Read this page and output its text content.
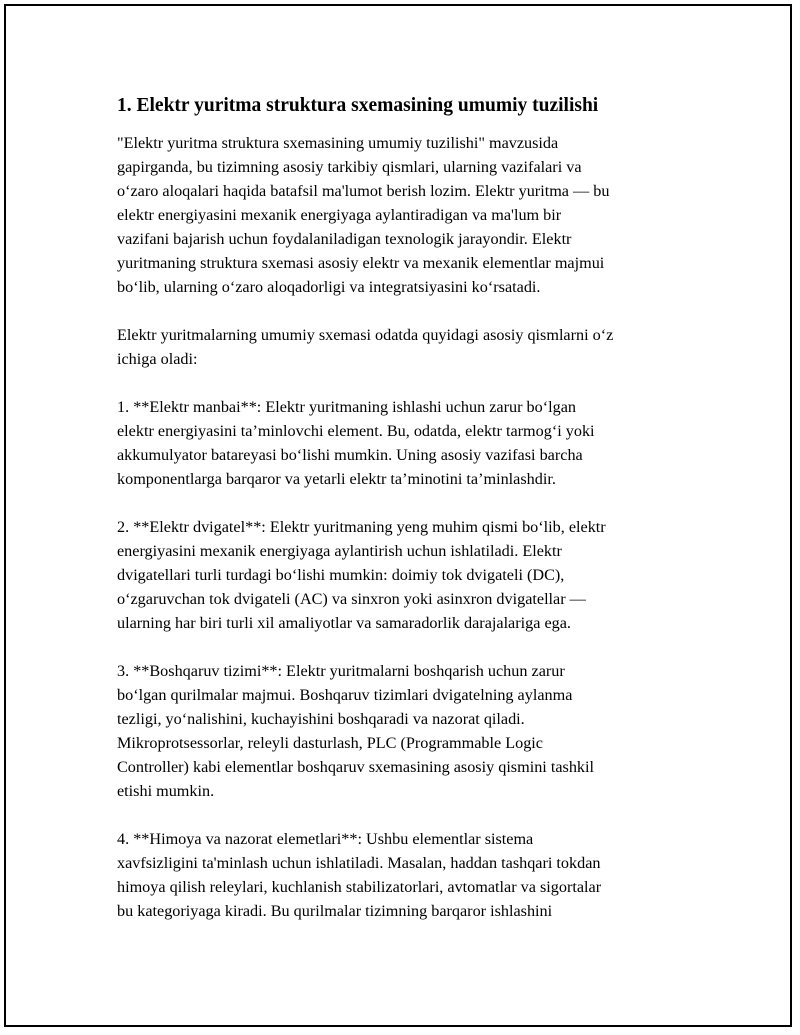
1. Elektr yuritma struktura sxemasining umumiy tuzilishi

"Elektr yuritma struktura sxemasining umumiy tuzilishi" mavzusida
gapirganda, bu tizimning asosiy tarkibiy qismlari, ularning vazifalari va
o‘zaro aloqalari haqida batafsil ma'lumot berish lozim. Elektr yuritma — bu
elektr energiyasini mexanik energiyaga aylantiradigan va ma'lum bir
vazifani bajarish uchun foydalaniladigan texnologik jarayondir. Elektr
yuritmaning struktura sxemasi asosiy elektr va mexanik elementlar majmui
bo‘lib, ularning o‘zaro aloqadorligi va integratsiyasini ko‘rsatadi.

Elektr yuritmalarning umumiy sxemasi odatda quyidagi asosiy qismlarni o‘z
ichiga oladi:

1. **Elektr manbai**: Elektr yuritmaning ishlashi uchun zarur bo‘lgan
elektr energiyasini ta’minlovchi element. Bu, odatda, elektr tarmog‘i yoki
akkumulyator batareyasi bo‘lishi mumkin. Uning asosiy vazifasi barcha
komponentlarga barqaror va yetarli elektr ta’minotini ta’minlashdir.

2. **Elektr dvigatel**: Elektr yuritmaning yeng muhim qismi bo‘lib, elektr
energiyasini mexanik energiyaga aylantirish uchun ishlatiladi. Elektr
dvigatellari turli turdagi bo‘lishi mumkin: doimiy tok dvigateli (DC),
o‘zgaruvchan tok dvigateli (AC) va sinxron yoki asinxron dvigatellar —
ularning har biri turli xil amaliyotlar va samaradorlik darajalariga ega.

3. **Boshqaruv tizimi**: Elektr yuritmalarni boshqarish uchun zarur
bo‘lgan qurilmalar majmui. Boshqaruv tizimlari dvigatelning aylanma
tezligi, yo‘nalishini, kuchayishini boshqaradi va nazorat qiladi.
Mikroprotsessorlar, releyli dasturlash, PLC (Programmable Logic
Controller) kabi elementlar boshqaruv sxemasining asosiy qismini tashkil
etishi mumkin.

4. **Himoya va nazorat elemetlari**: Ushbu elementlar sistema
xavfsizligini ta'minlash uchun ishlatiladi. Masalan, haddan tashqari tokdan
himoya qilish releylari, kuchlanish stabilizatorlari, avtomatlar va sigortalar
bu kategoriyaga kiradi. Bu qurilmalar tizimning barqaror ishlashini
